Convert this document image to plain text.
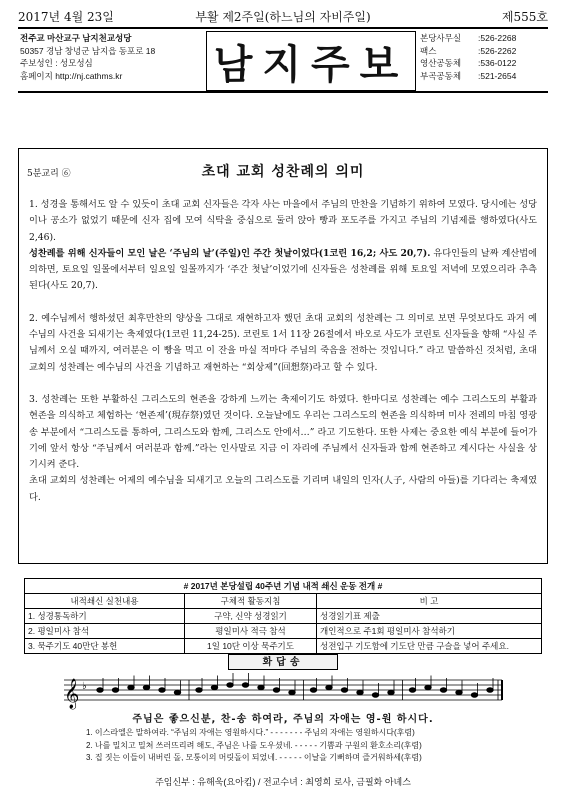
2017년 4월 23일	부활 제2주일(하느님의 자비주일)	제555호
전주교 마산교구 남지천교성당
50357 경남 창녕군 남지읍 동포로 18
주보성인 : 성모성심
홈페이지 http://nj.cathms.kr	남지주보
본당사무실	: 526-2268
팩스	: 526-2262
영산공동체	: 536-0122
부곡공동체	: 521-2654
5분교리 ⑥	초대 교회 성찬례의 의미

1. 성경을 통해서도 알 수 있듯이 초대 교회 신자들은 각자 사는 마을에서 주님의 만찬을 기념하기 위하여 모였다. 당시에는 성당이나 공소가 없었기 때문에 신자 집에 모여 식탁을 중심으로 둘러 앉아 빵과 포도주를 가지고 주님의 기념제를 행하였다(사도 2,46).
성찬례를 위해 신자들이 모인 날은 ‘주님의 날’(주일)인 주간 첫날이었다(1코린 16,2; 사도 20,7). 유다인들의 날짜 계산법에 의하면, 토요일 일몰에서부터 일요일 일몰까지가 ‘주간 첫날’이었기에 신자들은 성찬례를 위해 토요일 저녁에 모였으리라 추측된다(사도 20,7).

2. 예수님께서 행하셨던 최후만찬의 양상을 그대로 재현하고자 했던 초대 교회의 성찬례는 그 의미로 보면 무엇보다도 과거 예수님의 사건을 되새기는 축제였다(1코린 11,24-25). 코린토 1서 11장 26절에서 바오로 사도가 코린토 신자들을 향해 “사실 주님께서 오실 때까지, 여러분은 이 빵을 먹고 이 잔을 마실 적마다 주님의 죽음을 전하는 것입니다.” 라고 말씀하신 것처럼, 초대 교회의 성찬례는 예수님의 사건을 기념하고 재현하는 “회상제”(回想祭)라고 할 수 있다.

3. 성찬례는 또한 부활하신 그리스도의 현존을 강하게 느끼는 축제이기도 하였다. 한마디로 성찬례는 예수 그리스도의 부활과 현존을 의식하고 체험하는 ‘현존제’(現存祭)였던 것이다. 오늘날에도 우리는 그리스도의 현존을 의식하며 미사 전례의 마침 영광송 부분에서 “그리스도를 통하여, 그리스도와 함께, 그리스도 안에서…” 라고 기도한다. 또한 사제는 중요한 예식 부분에 들어가기에 앞서 항상 “주님께서 여러분과 함께.”라는 인사말로 지금 이 자리에 주님께서 신자들과 함께 현존하고 계시다는 사실을 상기시켜 준다.

초대 교회의 성찬례는 어제의 예수님을 되새기고 오늘의 그리스도를 기리며 내일의 인자(人子, 사람의 아들)를 기다리는 축제였다.

# 2017년 본당설립 40주년 기념 내적 쇄신 운동 전개 #
내적쇄신 실천내용	구체적 활동지침	비 고
1. 성경통독하기	구약, 신약 성경읽기	성경읽기표 제출
2. 평일미사 참석	평일미사 적극 참석	개인적으로 주1회 평일미사 참석하기
3. 묵주기도 40만단 봉헌	1일 10단 이상 묵주기도	성전입구 기도함에 기도단 만큼 구슬을 넣어 주세요.
화답송
𝄞 ♭
주님은 좋으신분, 찬-송 하여라, 주님의 자애는 영-원 하시다.
1. 이스라엘은 말하여라. “주님의 자애는 영원하시다.” - - - - - - - 주님의 자애는 영원하시다(후렴)
2. 나를 밀치고 밀쳐 쓰러뜨리려 해도, 주님은 나를 도우셨네. - - - - - 기쁨과 구원의 환호소리(후렴)
3. 집 짓는 이들이 내버린 돌, 모퉁이의 머릿돌이 되었네. - - - - - 이날을 기뻐하며 즐거워하세(후렴)
주임신부 : 유해욱(요아킴) / 전교수녀 : 최영희 로사, 금필화 아녜스
